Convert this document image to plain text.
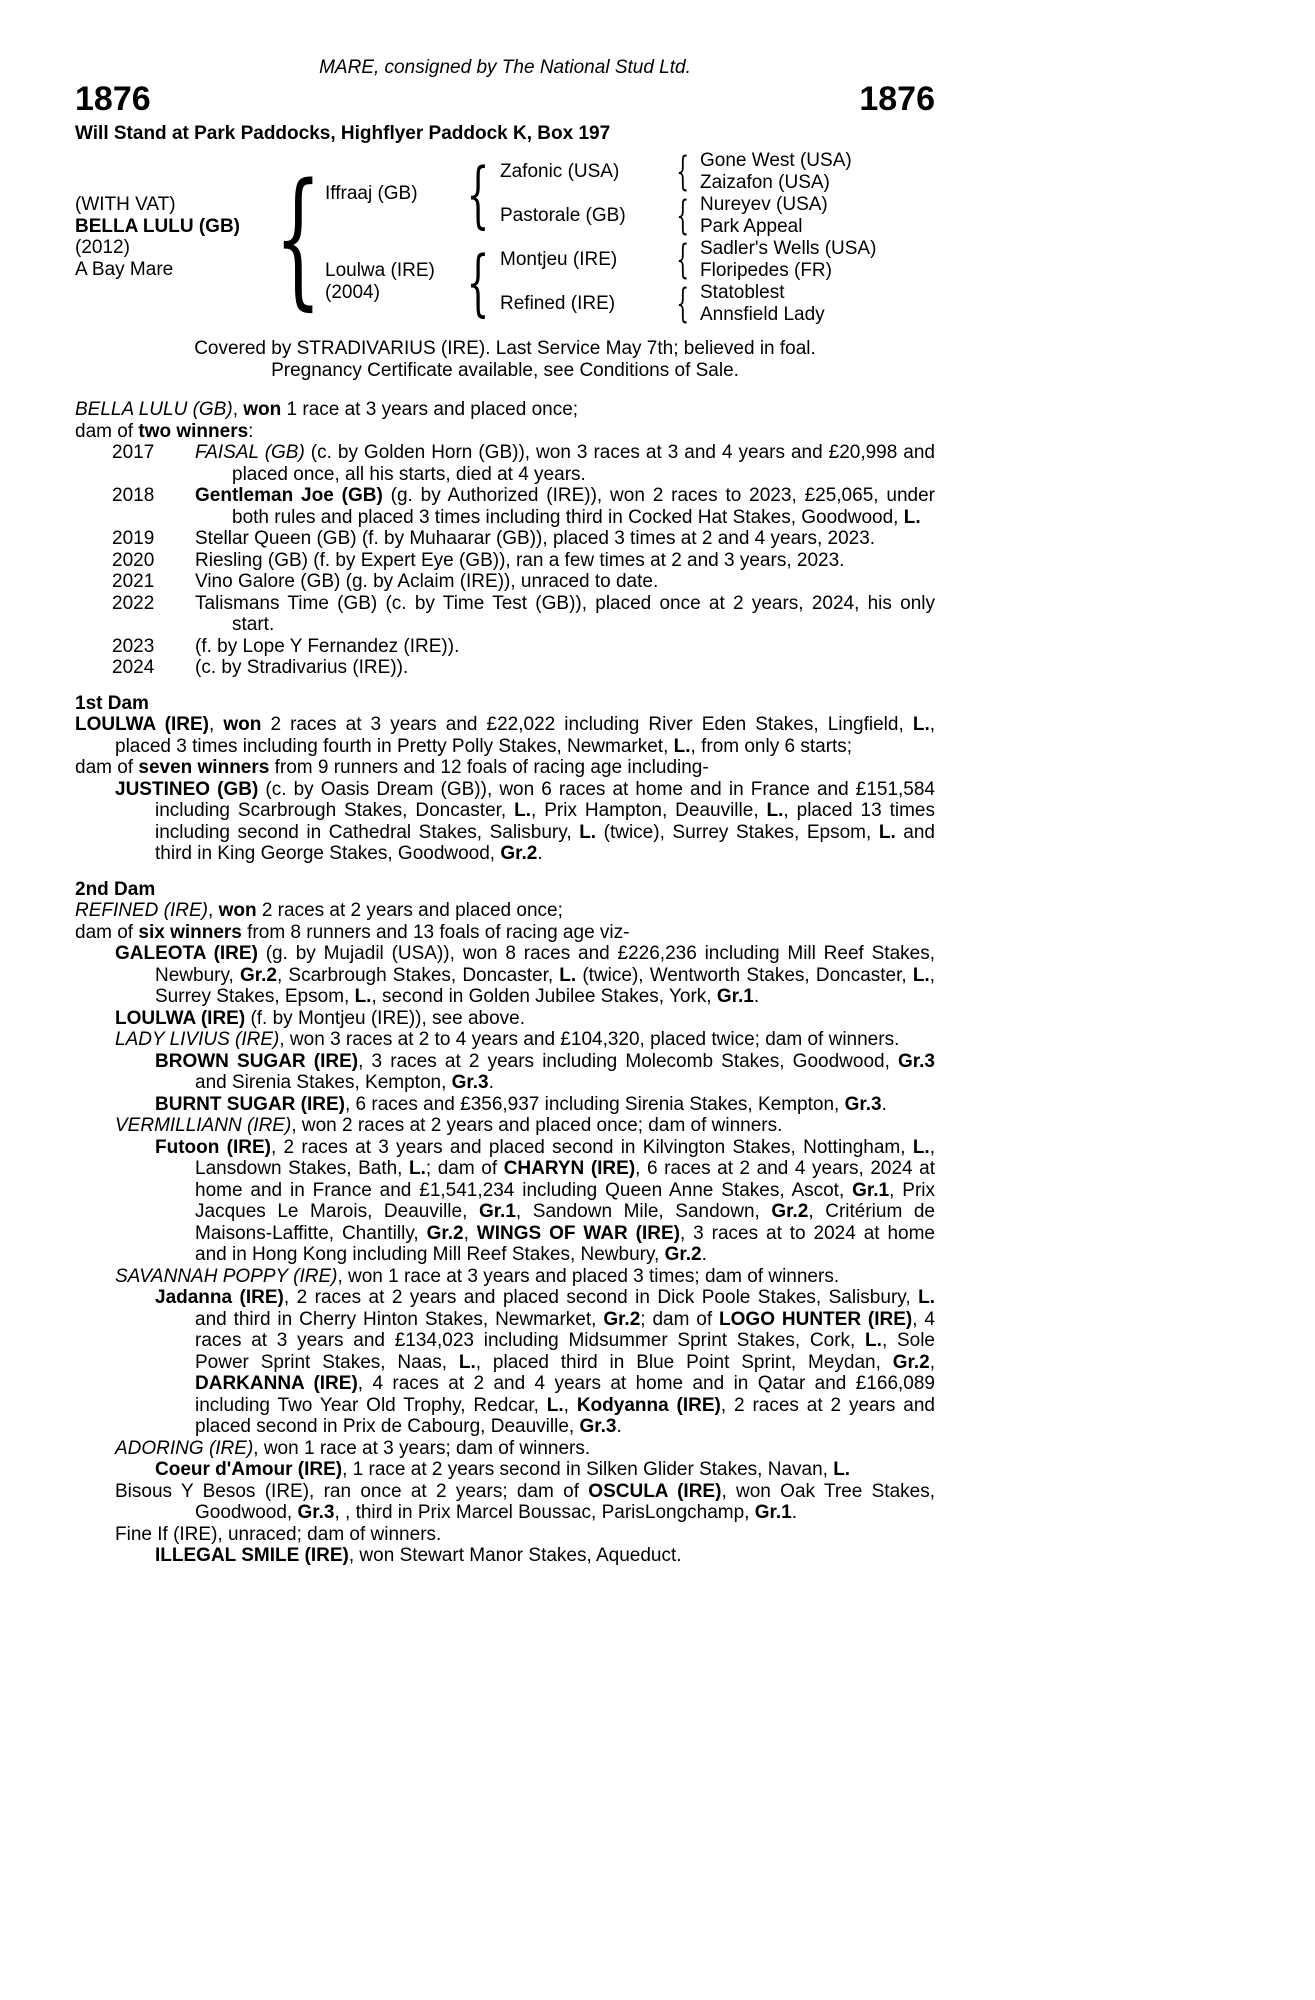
MARE, consigned by The National Stud Ltd.
1876	1876
Will Stand at Park Paddocks, Highflyer Paddock K, Box 197
(WITH VAT)
BELLA LULU (GB)
(2012)
A Bay Mare { Iffraaj (GB)
Loulwa (IRE)
(2004)
{
{
Zafonic (USA)
Pastorale (GB)
Montjeu (IRE)
Refined (IRE)
{
{
{
{
Gone West (USA)
Zaizafon (USA)
Nureyev (USA)
Park Appeal
Sadler's Wells (USA)
Floripedes (FR)
Statoblest
Annsfield Lady
Covered by STRADIVARIUS (IRE). Last Service May 7th; believed in foal.
Pregnancy Certificate available, see Conditions of Sale.
BELLA LULU (GB), won 1 race at 3 years and placed once;
dam of two winners:
2017	FAISAL (GB) (c. by Golden Horn (GB)), won 3 races at 3 and 4 years and £20,998 and placed once, all his starts, died at 4 years.
2018	Gentleman Joe (GB) (g. by Authorized (IRE)), won 2 races to 2023, £25,065, under both rules and placed 3 times including third in Cocked Hat Stakes, Goodwood, L.
2019	Stellar Queen (GB) (f. by Muhaarar (GB)), placed 3 times at 2 and 4 years, 2023.
2020	Riesling (GB) (f. by Expert Eye (GB)), ran a few times at 2 and 3 years, 2023.
2021	Vino Galore (GB) (g. by Aclaim (IRE)), unraced to date.
2022	Talismans Time (GB) (c. by Time Test (GB)), placed once at 2 years, 2024, his only start.
2023	(f. by Lope Y Fernandez (IRE)).
2024	(c. by Stradivarius (IRE)).
1st Dam
LOULWA (IRE), won 2 races at 3 years and £22,022 including River Eden Stakes, Lingfield, L., placed 3 times including fourth in Pretty Polly Stakes, Newmarket, L., from only 6 starts;
dam of seven winners from 9 runners and 12 foals of racing age including-
JUSTINEO (GB) (c. by Oasis Dream (GB)), won 6 races at home and in France and £151,584 including Scarbrough Stakes, Doncaster, L., Prix Hampton, Deauville, L., placed 13 times including second in Cathedral Stakes, Salisbury, L. (twice), Surrey Stakes, Epsom, L. and third in King George Stakes, Goodwood, Gr.2.
2nd Dam
REFINED (IRE), won 2 races at 2 years and placed once;
dam of six winners from 8 runners and 13 foals of racing age viz-
GALEOTA (IRE) (g. by Mujadil (USA)), won 8 races and £226,236 including Mill Reef Stakes, Newbury, Gr.2, Scarbrough Stakes, Doncaster, L. (twice), Wentworth Stakes, Doncaster, L., Surrey Stakes, Epsom, L., second in Golden Jubilee Stakes, York, Gr.1.
LOULWA (IRE) (f. by Montjeu (IRE)), see above.
LADY LIVIUS (IRE), won 3 races at 2 to 4 years and £104,320, placed twice; dam of winners.
BROWN SUGAR (IRE), 3 races at 2 years including Molecomb Stakes, Goodwood, Gr.3 and Sirenia Stakes, Kempton, Gr.3.
BURNT SUGAR (IRE), 6 races and £356,937 including Sirenia Stakes, Kempton, Gr.3.
VERMILLIANN (IRE), won 2 races at 2 years and placed once; dam of winners.
Futoon (IRE), 2 races at 3 years and placed second in Kilvington Stakes, Nottingham, L., Lansdown Stakes, Bath, L.; dam of CHARYN (IRE), 6 races at 2 and 4 years, 2024 at home and in France and £1,541,234 including Queen Anne Stakes, Ascot, Gr.1, Prix Jacques Le Marois, Deauville, Gr.1, Sandown Mile, Sandown, Gr.2, Critérium de Maisons-Laffitte, Chantilly, Gr.2, WINGS OF WAR (IRE), 3 races at to 2024 at home and in Hong Kong including Mill Reef Stakes, Newbury, Gr.2.
SAVANNAH POPPY (IRE), won 1 race at 3 years and placed 3 times; dam of winners.
Jadanna (IRE), 2 races at 2 years and placed second in Dick Poole Stakes, Salisbury, L. and third in Cherry Hinton Stakes, Newmarket, Gr.2; dam of LOGO HUNTER (IRE), 4 races at 3 years and £134,023 including Midsummer Sprint Stakes, Cork, L., Sole Power Sprint Stakes, Naas, L., placed third in Blue Point Sprint, Meydan, Gr.2, DARKANNA (IRE), 4 races at 2 and 4 years at home and in Qatar and £166,089 including Two Year Old Trophy, Redcar, L., Kodyanna (IRE), 2 races at 2 years and placed second in Prix de Cabourg, Deauville, Gr.3.
ADORING (IRE), won 1 race at 3 years; dam of winners.
Coeur d'Amour (IRE), 1 race at 2 years second in Silken Glider Stakes, Navan, L.
Bisous Y Besos (IRE), ran once at 2 years; dam of OSCULA (IRE), won Oak Tree Stakes, Goodwood, Gr.3, , third in Prix Marcel Boussac, ParisLongchamp, Gr.1.
Fine If (IRE), unraced; dam of winners.
ILLEGAL SMILE (IRE), won Stewart Manor Stakes, Aqueduct.
